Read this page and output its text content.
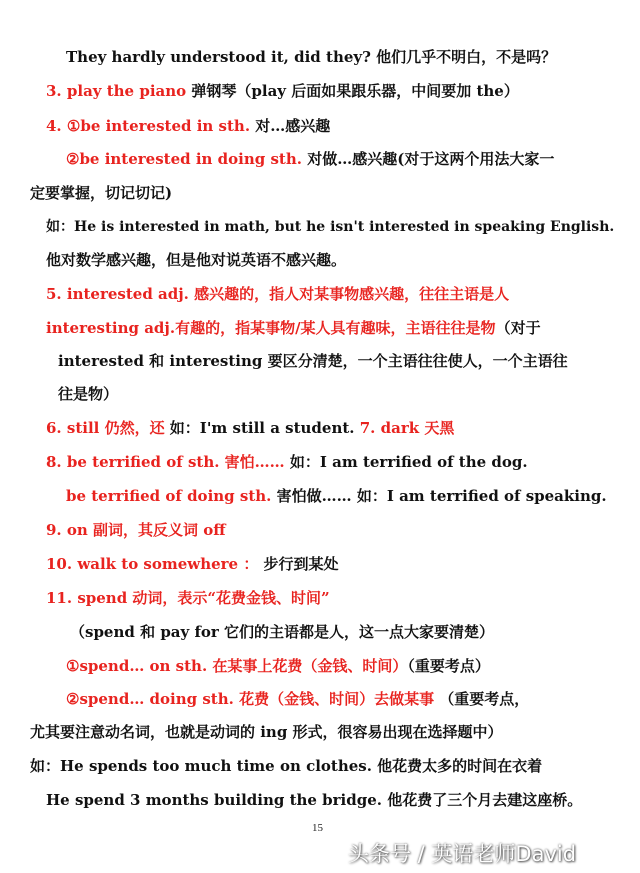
They hardly understood it, did they? 他们几乎不明白，不是吗？
3. play the piano 弹钢琴（play 后面如果跟乐器，中间要加 the）
4. ①be interested in sth. 对…感兴趣
②be interested in doing sth. 对做…感兴趣(对于这两个用法大家一
定要掌握，切记切记)
如：He is interested in math, but he isn't interested in speaking English.
他对数学感兴趣，但是他对说英语不感兴趣。
5. interested adj. 感兴趣的，指人对某事物感兴趣，往往主语是人
interesting adj.有趣的，指某事物/某人具有趣味，主语往往是物（对于
interested 和 interesting 要区分清楚，一个主语往往使人，一个主语往
往是物）
6. still 仍然，还 如：I'm still a student. 7. dark 天黑
8. be terrified of sth. 害怕…… 如：I am terrified of the dog.
be terrified of doing sth. 害怕做…… 如：I am terrified of speaking.
9. on 副词，其反义词 off
10. walk to somewhere ： 步行到某处
11. spend 动词，表示“花费金钱、时间”
（spend 和 pay for 它们的主语都是人，这一点大家要清楚）
①spend… on sth. 在某事上花费（金钱、时间）（重要考点）
②spend… doing sth. 花费（金钱、时间）去做某事 （重要考点，
尤其要注意动名词，也就是动词的 ing 形式，很容易出现在选择题中）
如：He spends too much time on clothes. 他花费太多的时间在衣着
He spend 3 months building the bridge. 他花费了三个月去建这座桥。
15
头条号 / 英语老师David
